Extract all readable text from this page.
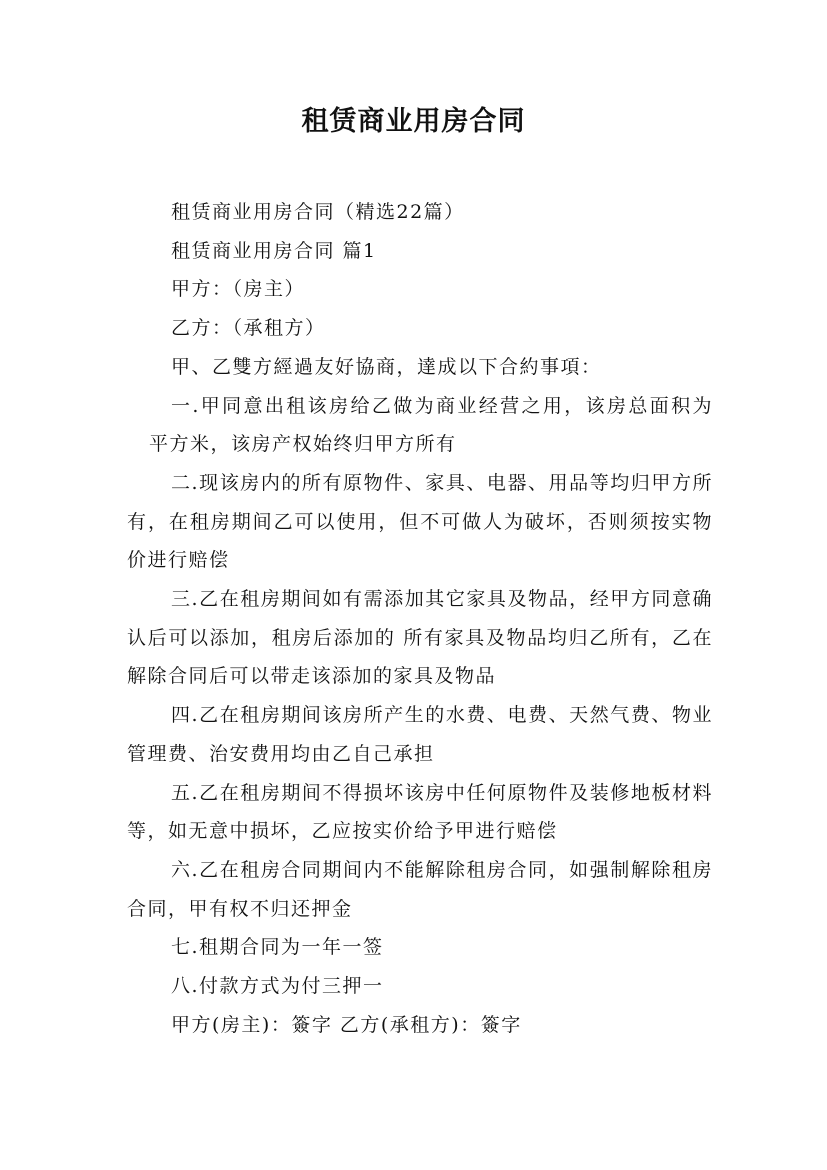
租赁商业用房合同

租赁商业用房合同（精选22篇）

租赁商业用房合同 篇1

甲方：（房主）

乙方：（承租方）

甲、乙雙方經過友好協商，達成以下合約事項：

一.甲同意出租该房给乙做为商业经营之用，该房总面积为平方米，该房产权始终归甲方所有

二.现该房内的所有原物件、家具、电器、用品等均归甲方所有，在租房期间乙可以使用，但不可做人为破坏，否则须按实物价进行赔偿

三.乙在租房期间如有需添加其它家具及物品，经甲方同意确认后可以添加，租房后添加的 所有家具及物品均归乙所有，乙在解除合同后可以带走该添加的家具及物品

四.乙在租房期间该房所产生的水费、电费、天然气费、物业管理费、治安费用均由乙自己承担

五.乙在租房期间不得损坏该房中任何原物件及装修地板材料等，如无意中损坏，乙应按实价给予甲进行赔偿

六.乙在租房合同期间内不能解除租房合同，如强制解除租房合同，甲有权不归还押金

七.租期合同为一年一签

八.付款方式为付三押一

甲方(房主)：簽字 乙方(承租方)：簽字
